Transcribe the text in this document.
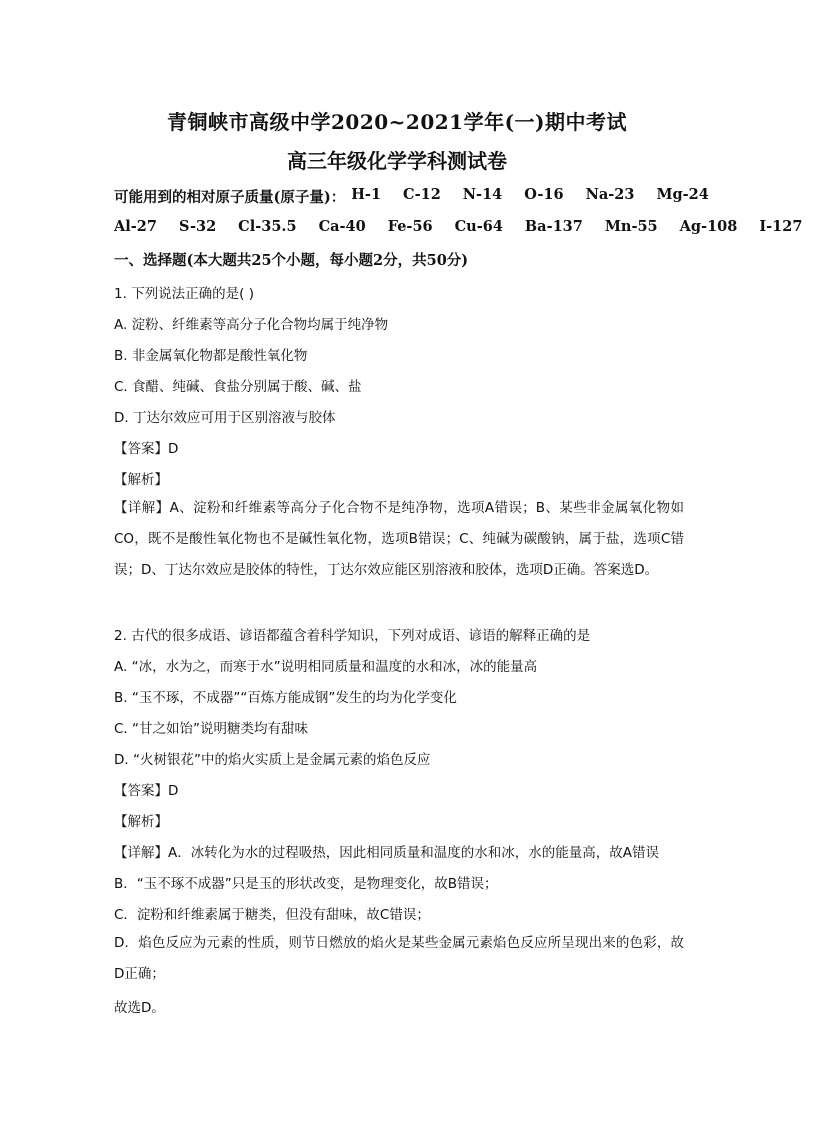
青铜峡市高级中学2020~2021学年(一)期中考试
高三年级化学学科测试卷
可能用到的相对原子质量(原子量)： H-1 C-12 N-14 O-16 Na-23 Mg-24
Al-27 S-32 Cl-35.5 Ca-40 Fe-56 Cu-64 Ba-137 Mn-55 Ag-108 I-127
一、选择题(本大题共25个小题，每小题2分，共50分)
1. 下列说法正确的是( )
A. 淀粉、纤维素等高分子化合物均属于纯净物
B. 非金属氧化物都是酸性氧化物
C. 食醋、纯碱、食盐分别属于酸、碱、盐
D. 丁达尔效应可用于区别溶液与胶体
【答案】D
【解析】
【详解】A、淀粉和纤维素等高分子化合物不是纯净物，选项A错误；B、某些非金属氧化物如CO，既不是酸性氧化物也不是碱性氧化物，选项B错误；C、纯碱为碳酸钠，属于盐，选项C错误；D、丁达尔效应是胶体的特性，丁达尔效应能区别溶液和胶体，选项D正确。答案选D。
2. 古代的很多成语、谚语都蕴含着科学知识，下列对成语、谚语的解释正确的是
A. “冰，水为之，而寒于水”说明相同质量和温度的水和冰，冰的能量高
B. “玉不琢，不成器”“百炼方能成钢”发生的均为化学变化
C. “甘之如饴”说明糖类均有甜味
D. “火树银花”中的焰火实质上是金属元素的焰色反应
【答案】D
【解析】
【详解】A．冰转化为水的过程吸热，因此相同质量和温度的水和冰，水的能量高，故A错误
B．“玉不琢不成器”只是玉的形状改变，是物理变化，故B错误；
C．淀粉和纤维素属于糖类，但没有甜味，故C错误；
D．焰色反应为元素的性质，则节日燃放的焰火是某些金属元素焰色反应所呈现出来的色彩，故D正确；
故选D。
